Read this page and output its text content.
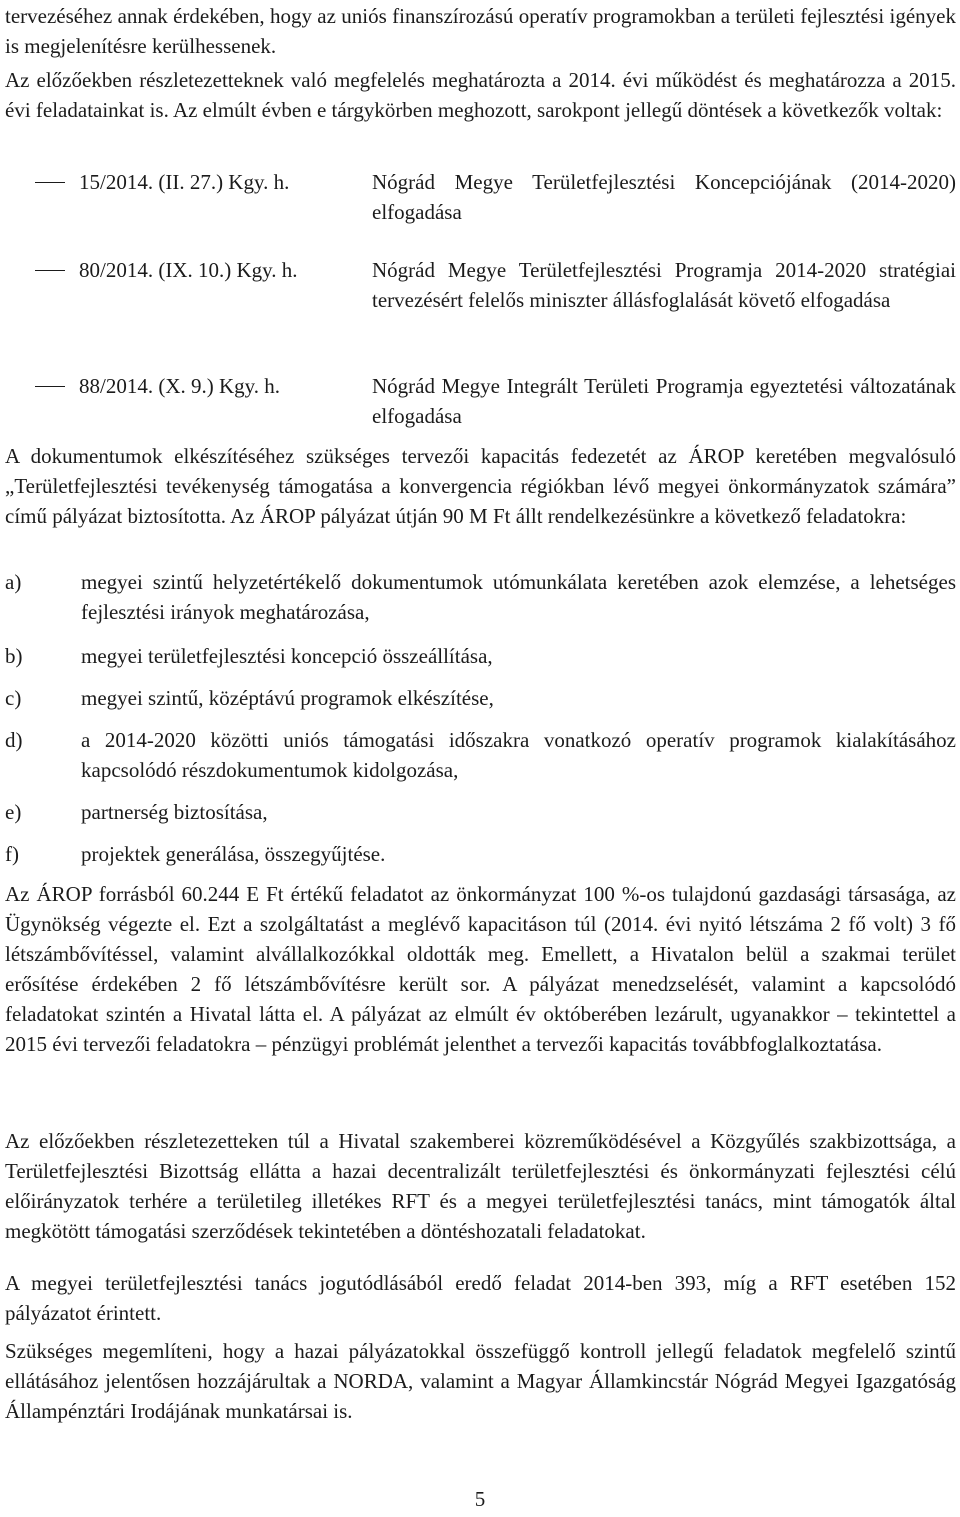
tervezéséhez annak érdekében, hogy az uniós finanszírozású operatív programokban a területi fejlesztési igények is megjelenítésre kerülhessenek.

Az előzőekben részletezetteknek való megfelelés meghatározta a 2014. évi működést és meghatározza a 2015. évi feladatainkat is. Az elmúlt évben e tárgykörben meghozott, sarokpont jellegű döntések a következők voltak:

15/2014. (II. 27.) Kgy. h.	Nógrád Megye Területfejlesztési Koncepciójának (2014-2020) elfogadása
80/2014. (IX. 10.) Kgy. h.	Nógrád Megye Területfejlesztési Programja 2014-2020 stratégiai tervezésért felelős miniszter állásfoglalását követő elfogadása
88/2014. (X. 9.) Kgy. h.	Nógrád Megye Integrált Területi Programja egyeztetési változatának elfogadása

A dokumentumok elkészítéséhez szükséges tervezői kapacitás fedezetét az ÁROP keretében megvalósuló „Területfejlesztési tevékenység támogatása a konvergencia régiókban lévő megyei önkormányzatok számára” című pályázat biztosította. Az ÁROP pályázat útján 90 M Ft állt rendelkezésünkre a következő feladatokra:

a)	megyei szintű helyzetértékelő dokumentumok utómunkálata keretében azok elemzése, a lehetséges fejlesztési irányok meghatározása,
b)	megyei területfejlesztési koncepció összeállítása,
c)	megyei szintű, középtávú programok elkészítése,
d)	a 2014-2020 közötti uniós támogatási időszakra vonatkozó operatív programok kialakításához kapcsolódó részdokumentumok kidolgozása,
e)	partnerség biztosítása,
f)	projektek generálása, összegyűjtése.

Az ÁROP forrásból 60.244 E Ft értékű feladatot az önkormányzat 100 %-os tulajdonú gazdasági társasága, az Ügynökség végezte el. Ezt a szolgáltatást a meglévő kapacitáson túl (2014. évi nyitó létszáma 2 fő volt) 3 fő létszámbővítéssel, valamint alvállalkozókkal oldották meg. Emellett, a Hivatalon belül a szakmai terület erősítése érdekében 2 fő létszámbővítésre került sor. A pályázat menedzselését, valamint a kapcsolódó feladatokat szintén a Hivatal látta el. A pályázat az elmúlt év októberében lezárult, ugyanakkor – tekintettel a 2015 évi tervezői feladatokra – pénzügyi problémát jelenthet a tervezői kapacitás továbbfoglalkoztatása.

Az előzőekben részletezetteken túl a Hivatal szakemberei közreműködésével a Közgyűlés szakbizottsága, a Területfejlesztési Bizottság ellátta a hazai decentralizált területfejlesztési és önkormányzati fejlesztési célú előirányzatok terhére a területileg illetékes RFT és a megyei területfejlesztési tanács, mint támogatók által megkötött támogatási szerződések tekintetében a döntéshozatali feladatokat.

A megyei területfejlesztési tanács jogutódlásából eredő feladat 2014-ben 393, míg a RFT esetében 152 pályázatot érintett.

Szükséges megemlíteni, hogy a hazai pályázatokkal összefüggő kontroll jellegű feladatok megfelelő szintű ellátásához jelentősen hozzájárultak a NORDA, valamint a Magyar Államkincstár Nógrád Megyei Igazgatóság Állampénztári Irodájának munkatársai is.

5
